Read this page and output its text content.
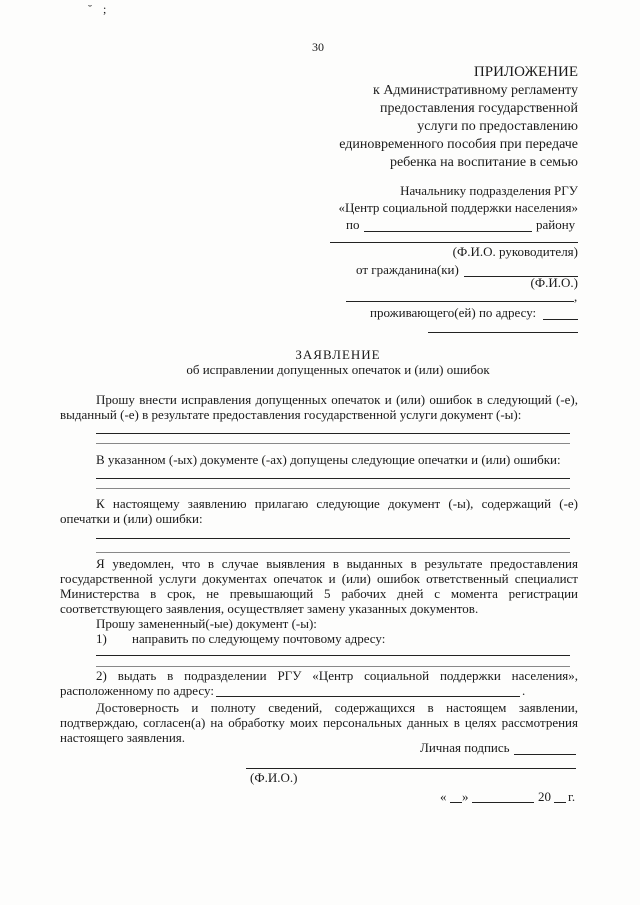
˘ ;
30
ПРИЛОЖЕНИЕ
к Административному регламенту
предоставления государственной
услуги по предоставлению
единовременного пособия при передаче
ребенка на воспитание в семью
Начальнику подразделения РГУ
«Центр социальной поддержки населения»
по	району
(Ф.И.О. руководителя)
от гражданина(ки)
(Ф.И.О.)
,
проживающего(ей) по адресу:
ЗАЯВЛЕНИЕ
об исправлении допущенных опечаток и (или) ошибок
Прошу внести исправления допущенных опечаток и (или) ошибок в следующий (-е),
выданный (-е) в результате предоставления государственной услуги документ (-ы):
В указанном (-ых) документе (-ах) допущены следующие опечатки и (или) ошибки:
К настоящему заявлению прилагаю следующие документ (-ы), содержащий (-е)
опечатки и (или) ошибки:
Я уведомлен, что в случае выявления в выданных в результате предоставления
государственной услуги документах опечаток и (или) ошибок ответственный специалист
Министерства в срок, не превышающий 5 рабочих дней с момента регистрации
соответствующего заявления, осуществляет замену указанных документов.
Прошу замененный(-ые) документ (-ы):
1) направить по следующему почтовому адресу:
2) выдать в подразделении РГУ «Центр социальной поддержки населения»,
расположенному по адресу:	.
Достоверность и полноту сведений, содержащихся в настоящем заявлении,
подтверждаю, согласен(а) на обработку моих персональных данных в целях рассмотрения
настоящего заявления.
Личная подпись
(Ф.И.О.)
« »	20 г.
